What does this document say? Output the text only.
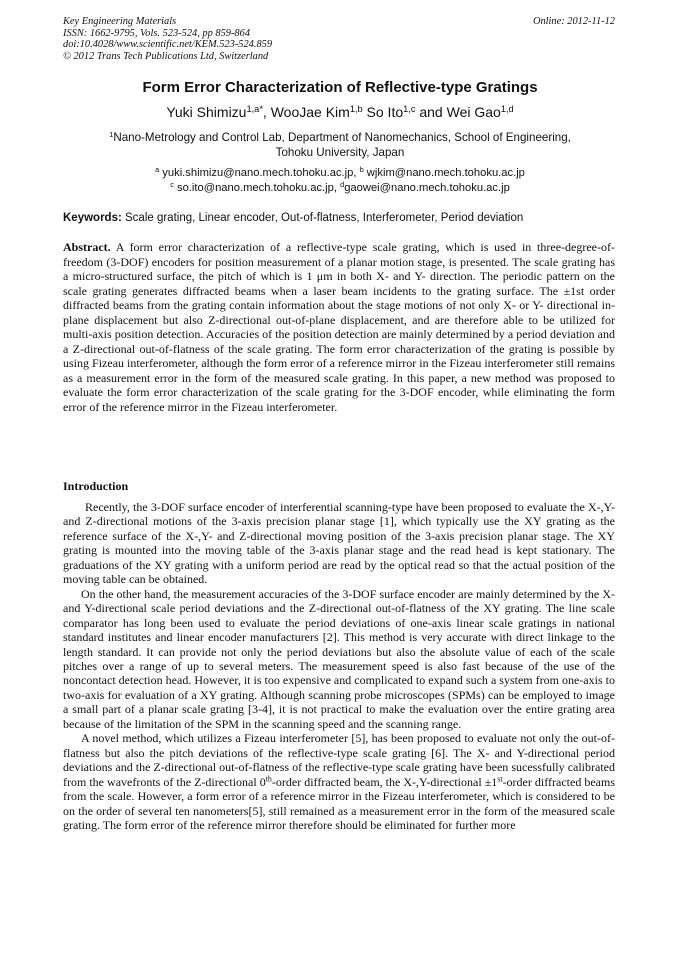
Key Engineering Materials
ISSN: 1662-9795, Vols. 523-524, pp 859-864
doi:10.4028/www.scientific.net/KEM.523-524.859
© 2012 Trans Tech Publications Ltd, Switzerland
Online: 2012-11-12
Form Error Characterization of Reflective-type Gratings
Yuki Shimizu$^{1,a*}$, WooJae Kim$^{1,b}$ So Ito$^{1,c}$ and Wei Gao$^{1,d}$
$^1$Nano-Metrology and Control Lab, Department of Nanomechanics, School of Engineering,
Tohoku University, Japan
$^a$ yuki.shimizu@nano.mech.tohoku.ac.jp, $^b$ wjkim@nano.mech.tohoku.ac.jp
$^c$ so.ito@nano.mech.tohoku.ac.jp, $^d$gaowei@nano.mech.tohoku.ac.jp
Keywords: Scale grating, Linear encoder, Out-of-flatness, Interferometer, Period deviation

Abstract. A form error characterization of a reflective-type scale grating, which is used in three-degree-of-freedom (3-DOF) encoders for position measurement of a planar motion stage, is presented. The scale grating has a micro-structured surface, the pitch of which is 1 μm in both X- and Y- direction. The periodic pattern on the scale grating generates diffracted beams when a laser beam incidents to the grating surface. The ±1st order diffracted beams from the grating contain information about the stage motions of not only X- or Y- directional in-plane displacement but also Z-directional out-of-plane displacement, and are therefore able to be utilized for multi-axis position detection. Accuracies of the position detection are mainly determined by a period deviation and a Z-directional out-of-flatness of the scale grating. The form error characterization of the grating is possible by using Fizeau interferometer, although the form error of a reference mirror in the Fizeau interferometer still remains as a measurement error in the form of the measured scale grating. In this paper, a new method was proposed to evaluate the form error characterization of the scale grating for the 3-DOF encoder, while eliminating the form error of the reference mirror in the Fizeau interferometer.

Introduction

Recently, the 3-DOF surface encoder of interferential scanning-type have been proposed to evaluate the X-,Y- and Z-directional motions of the 3-axis precision planar stage [1], which typically use the XY grating as the reference surface of the X-,Y- and Z-directional moving position of the 3-axis precision planar stage. The XY grating is mounted into the moving table of the 3-axis planar stage and the read head is kept stationary. The graduations of the XY grating with a uniform period are read by the optical read so that the actual position of the moving table can be obtained.

On the other hand, the measurement accuracies of the 3-DOF surface encoder are mainly determined by the X- and Y-directional scale period deviations and the Z-directional out-of-flatness of the XY grating. The line scale comparator has long been used to evaluate the period deviations of one-axis linear scale gratings in national standard institutes and linear encoder manufacturers [2]. This method is very accurate with direct linkage to the length standard. It can provide not only the period deviations but also the absolute value of each of the scale pitches over a range of up to several meters. The measurement speed is also fast because of the use of the noncontact detection head. However, it is too expensive and complicated to expand such a system from one-axis to two-axis for evaluation of a XY grating. Although scanning probe microscopes (SPMs) can be employed to image a small part of a planar scale grating [3-4], it is not practical to make the evaluation over the entire grating area because of the limitation of the SPM in the scanning speed and the scanning range.

A novel method, which utilizes a Fizeau interferometer [5], has been proposed to evaluate not only the out-of-flatness but also the pitch deviations of the reflective-type scale grating [6]. The X- and Y-directional period deviations and the Z-directional out-of-flatness of the reflective-type scale grating have been sucessfully calibrated from the wavefronts of the Z-directional 0th-order diffracted beam, the X-,Y-directional ±1st-order diffracted beams from the scale. However, a form error of a reference mirror in the Fizeau interferometer, which is considered to be on the order of several ten nanometers[5], still remained as a measurement error in the form of the measured scale grating. The form error of the reference mirror therefore should be eliminated for further more
